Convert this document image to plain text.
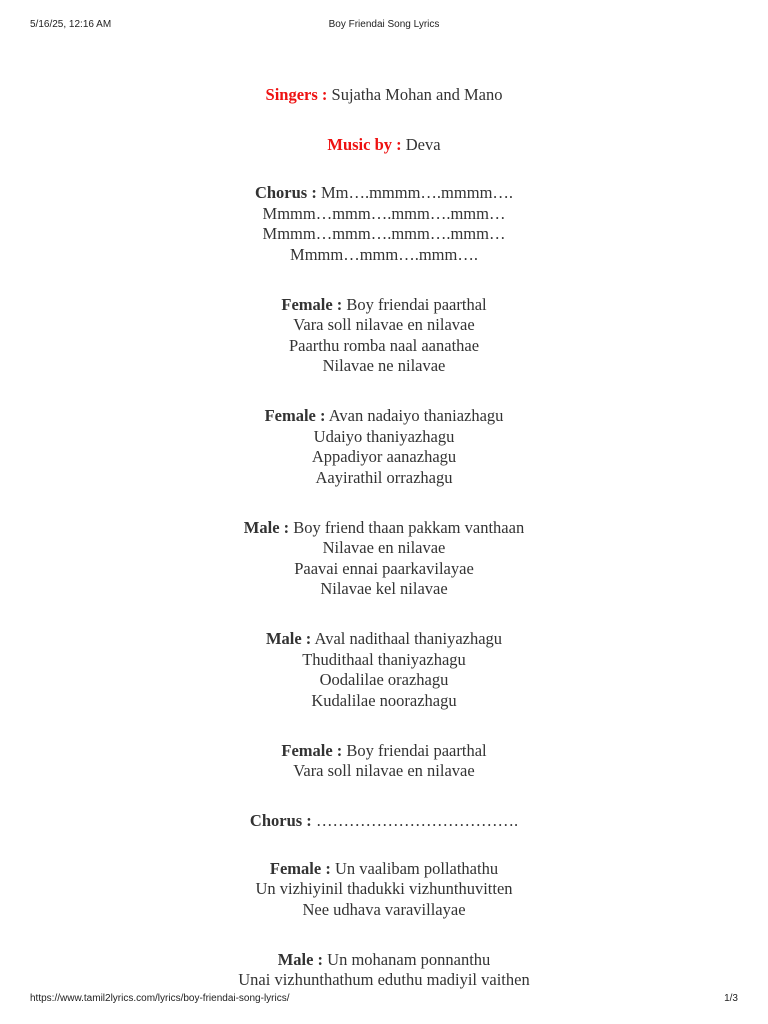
5/16/25, 12:16 AM	Boy Friendai Song Lyrics
Singers : Sujatha Mohan and Mano
Music by : Deva
Chorus : Mm….mmmm….mmmm….
Mmmm…mmm….mmm….mmm…
Mmmm…mmm….mmm….mmm…
Mmmm…mmm….mmm….
Female : Boy friendai paarthal
Vara soll nilavae en nilavae
Paarthu romba naal aanathae
Nilavae ne nilavae
Female : Avan nadaiyo thaniazhagu
Udaiyo thaniyazhagu
Appadiyor aanazhagu
Aayirathil orrazhagu
Male : Boy friend thaan pakkam vanthaan
Nilavae en nilavae
Paavai ennai paarkavilayae
Nilavae kel nilavae
Male : Aval nadithaal thaniyazhagu
Thudithaal thaniyazhagu
Oodalilae orazhagu
Kudalilae noorazhagu
Female : Boy friendai paarthal
Vara soll nilavae en nilavae
Chorus : ……………………………….
Female : Un vaalibam pollathathu
Un vizhiyinil thadukki vizhunthuvitten
Nee udhava varavillayae
Male : Un mohanam ponnanthu
Unai vizhunthathum eduthu madiyil vaithen
https://www.tamil2lyrics.com/lyrics/boy-friendai-song-lyrics/	1/3
